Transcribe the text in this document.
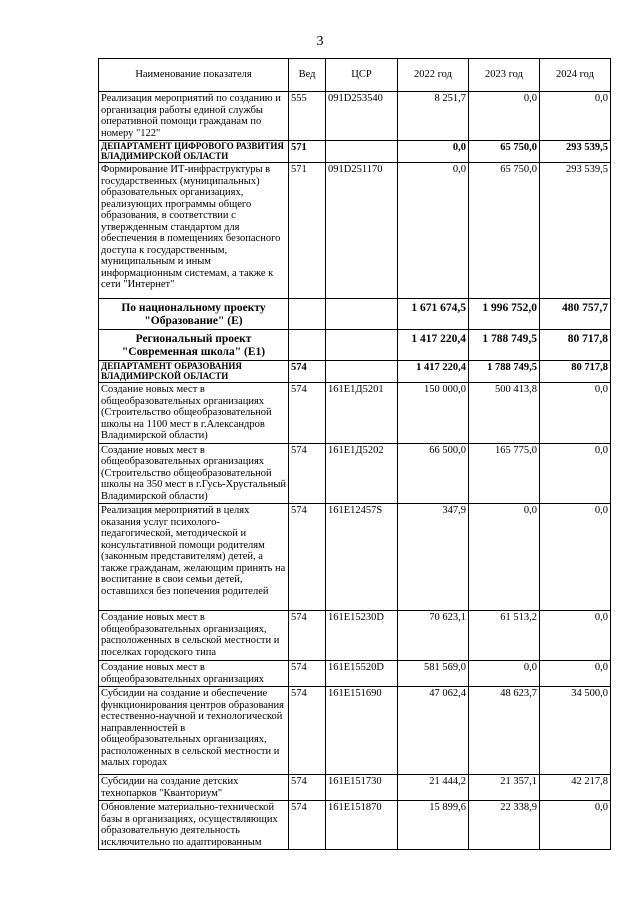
3
Наименование показателя	Вед	ЦСР	2022 год	2023 год	2024 год
Реализация мероприятий по созданию и организация работы единой службы оперативной помощи гражданам по номеру "122"	555	091D253540	8 251,7	0,0	0,0
ДЕПАРТАМЕНТ ЦИФРОВОГО РАЗВИТИЯ ВЛАДИМИРСКОЙ ОБЛАСТИ	571		0,0	65 750,0	293 539,5
Формирование ИТ-инфраструктуры в государственных (муниципальных) образовательных организациях, реализующих программы общего образования, в соответствии с утвержденным стандартом для обеспечения в помещениях безопасного доступа к государственным, муниципальным и иным информационным системам, а также к сети "Интернет"	571	091D251170	0,0	65 750,0	293 539,5
По национальному проекту "Образование" (Е)			1 671 674,5	1 996 752,0	480 757,7
Региональный проект "Современная школа" (Е1)			1 417 220,4	1 788 749,5	80 717,8
ДЕПАРТАМЕНТ ОБРАЗОВАНИЯ ВЛАДИМИРСКОЙ ОБЛАСТИ	574		1 417 220,4	1 788 749,5	80 717,8
Создание новых мест в общеобразовательных организациях (Строительство общеобразовательной школы на 1100 мест в г.Александров Владимирской области)	574	161E1Д5201	150 000,0	500 413,8	0,0
Создание новых мест в общеобразовательных организациях (Строительство общеобразовательной школы на 350 мест в г.Гусь-Хрустальный Владимирской области)	574	161E1Д5202	66 500,0	165 775,0	0,0
Реализация мероприятий в целях оказания услуг психолого-педагогической, методической и консультативной помощи родителям (законным представителям) детей, а также гражданам, желающим принять на воспитание в свои семьи детей, оставшихся без попечения родителей	574	161E12457S	347,9	0,0	0,0
Создание новых мест в общеобразовательных организациях, расположенных в сельской местности и поселках городского типа	574	161E15230D	70 623,1	61 513,2	0,0
Создание новых мест в общеобразовательных организациях	574	161E15520D	581 569,0	0,0	0,0
Субсидии на создание и обеспечение функционирования центров образования естественно-научной и технологической направленностей в общеобразовательных организациях, расположенных в сельской местности и малых городах	574	161E151690	47 062,4	48 623,7	34 500,0
Субсидии на создание детских технопарков "Кванториум"	574	161E151730	21 444,2	21 357,1	42 217,8
Обновление материально-технической базы в организациях, осуществляющих образовательную деятельность исключительно по адаптированным	574	161E151870	15 899,6	22 338,9	0,0
